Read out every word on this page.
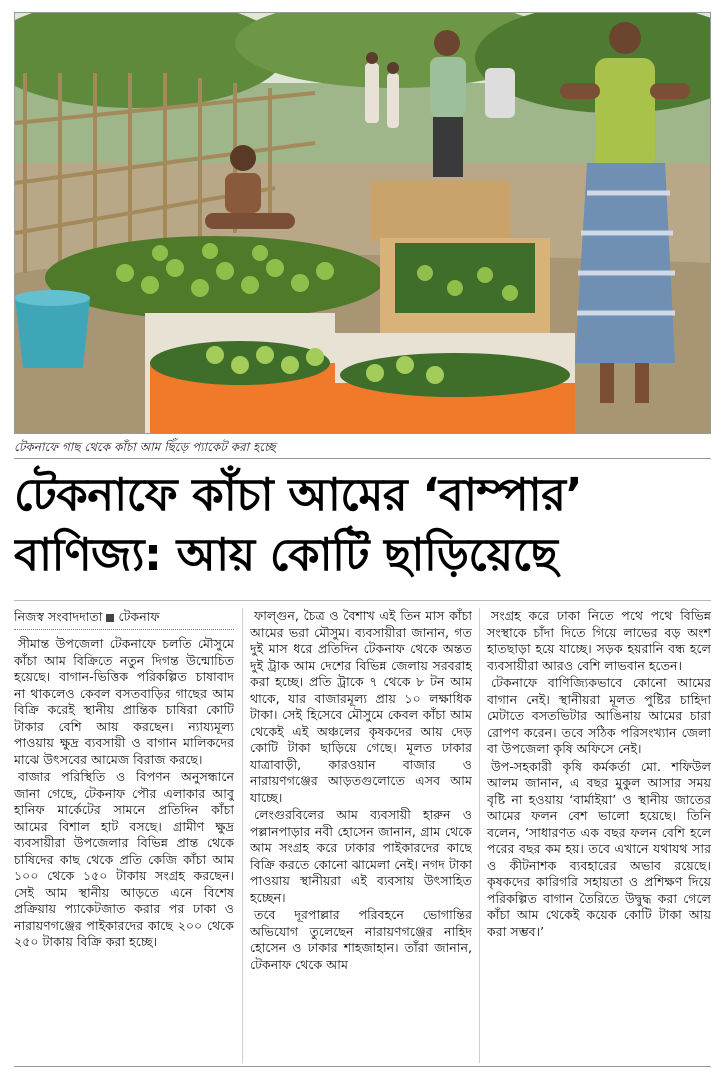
টেকনাফে গাছ থেকে কাঁচা আম ছিঁড়ে প্যাকেট করা হচ্ছে
টেকনাফে কাঁচা আমের ‘বাম্পার’
বাণিজ্য: আয় কোটি ছাড়িয়েছে
নিজস্ব সংবাদদাতা টেকনাফ

সীমান্ত উপজেলা টেকনাফে চলতি মৌসুমে কাঁচা আম বিক্রিতে নতুন দিগন্ত উন্মোচিত হয়েছে। বাগান-ভিত্তিক পরিকল্পিত চাষাবাদ না থাকলেও কেবল বসতবাড়ির গাছের আম বিক্রি করেই স্থানীয় প্রান্তিক চাষিরা কোটি টাকার বেশি আয় করছেন। ন্যায্যমূল্য পাওয়ায় ক্ষুদ্র ব্যবসায়ী ও বাগান মালিকদের মাঝে উৎসবের আমেজ বিরাজ করছে।

বাজার পরিস্থিতি ও বিপণন অনুসন্ধানে জানা গেছে, টেকনাফ পৌর এলাকার আবু হানিফ মার্কেটের সামনে প্রতিদিন কাঁচা আমের বিশাল হাট বসছে। গ্রামীণ ক্ষুদ্র ব্যবসায়ীরা উপজেলার বিভিন্ন প্রান্ত থেকে চাষিদের কাছ থেকে প্রতি কেজি কাঁচা আম ১০০ থেকে ১৫০ টাকায় সংগ্রহ করছেন। সেই আম স্থানীয় আড়তে এনে বিশেষ প্রক্রিয়ায় প্যাকেটজাত করার পর ঢাকা ও নারায়ণগঞ্জের পাইকারদের কাছে ২০০ থেকে ২৫০ টাকায় বিক্রি করা হচ্ছে।

ফাল্গুন, চৈত্র ও বৈশাখ এই তিন মাস কাঁচা আমের ভরা মৌসুম। ব্যবসায়ীরা জানান, গত দুই মাস ধরে প্রতিদিন টেকনাফ থেকে অন্তত দুই ট্রাক আম দেশের বিভিন্ন জেলায় সরবরাহ করা হচ্ছে। প্রতি ট্রাকে ৭ থেকে ৮ টন আম থাকে, যার বাজারমূল্য প্রায় ১০ লক্ষাধিক টাকা। সেই হিসেবে মৌসুমে কেবল কাঁচা আম থেকেই এই অঞ্চলের কৃষকদের আয় দেড় কোটি টাকা ছাড়িয়ে গেছে। মূলত ঢাকার যাত্রাবাড়ী, কারওয়ান বাজার ও নারায়ণগঞ্জের আড়তগুলোতে এসব আম যাচ্ছে।

লেংগুরবিলের আম ব্যবসায়ী হারুন ও পল্লানপাড়ার নবী হোসেন জানান, গ্রাম থেকে আম সংগ্রহ করে ঢাকার পাইকারদের কাছে বিক্রি করতে কোনো ঝামেলা নেই। নগদ টাকা পাওয়ায় স্থানীয়রা এই ব্যবসায় উৎসাহিত হচ্ছেন।

তবে দূরপাল্লার পরিবহনে ভোগান্তির অভিযোগ তুলেছেন নারায়ণগঞ্জের নাহিদ হোসেন ও ঢাকার শাহজাহান। তাঁরা জানান, টেকনাফ থেকে আম

সংগ্রহ করে ঢাকা নিতে পথে পথে বিভিন্ন সংস্থাকে চাঁদা দিতে গিয়ে লাভের বড় অংশ হাতছাড়া হয়ে যাচ্ছে। সড়ক হয়রানি বন্ধ হলে ব্যবসায়ীরা আরও বেশি লাভবান হতেন।

টেকনাফে বাণিজ্যিকভাবে কোনো আমের বাগান নেই। স্থানীয়রা মূলত পুষ্টির চাহিদা মেটাতে বসতভিটার আঙিনায় আমের চারা রোপণ করেন। তবে সঠিক পরিসংখ্যান জেলা বা উপজেলা কৃষি অফিসে নেই।

উপ-সহকারী কৃষি কর্মকর্তা মো. শফিউল আলম জানান, এ বছর মুকুল আসার সময় বৃষ্টি না হওয়ায় ‘বার্মাইয়া’ ও স্থানীয় জাতের আমের ফলন বেশ ভালো হয়েছে। তিনি বলেন, ‘সাধারণত এক বছর ফলন বেশি হলে পরের বছর কম হয়। তবে এখানে যথাযথ সার ও কীটনাশক ব্যবহারের অভাব রয়েছে। কৃষকদের কারিগরি সহায়তা ও প্রশিক্ষণ দিয়ে পরিকল্পিত বাগান তৈরিতে উদ্বুদ্ধ করা গেলে কাঁচা আম থেকেই কয়েক কোটি টাকা আয় করা সম্ভব।’
